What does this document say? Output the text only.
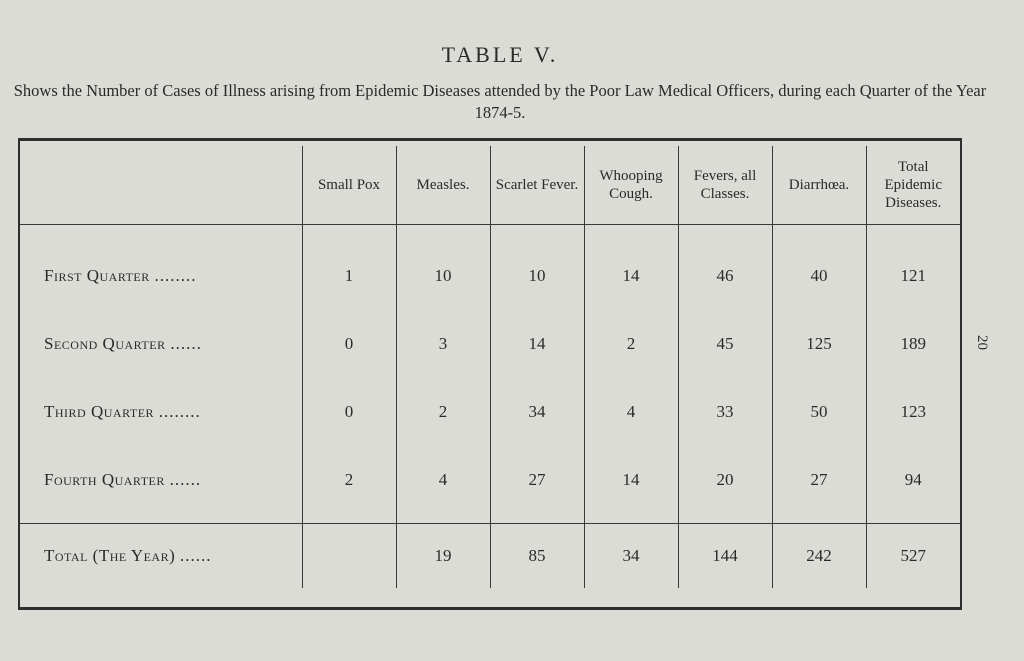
TABLE V.
Shows the Number of Cases of Illness arising from Epidemic Diseases attended by the Poor Law Medical Officers, during each Quarter of the Year 1874-5.
20
	Small Pox	Measles.	Scarlet Fever.	Whooping Cough.	Fevers, all Classes.	Diarrhœa.	Total Epidemic Diseases.
First Quarter ........	1	10	10	14	46	40	121
Second Quarter ......	0	3	14	2	45	125	189
Third Quarter ........	0	2	34	4	33	50	123
Fourth Quarter ......	2	4	27	14	20	27	94
Total (The Year) ......		19	85	34	144	242	527
